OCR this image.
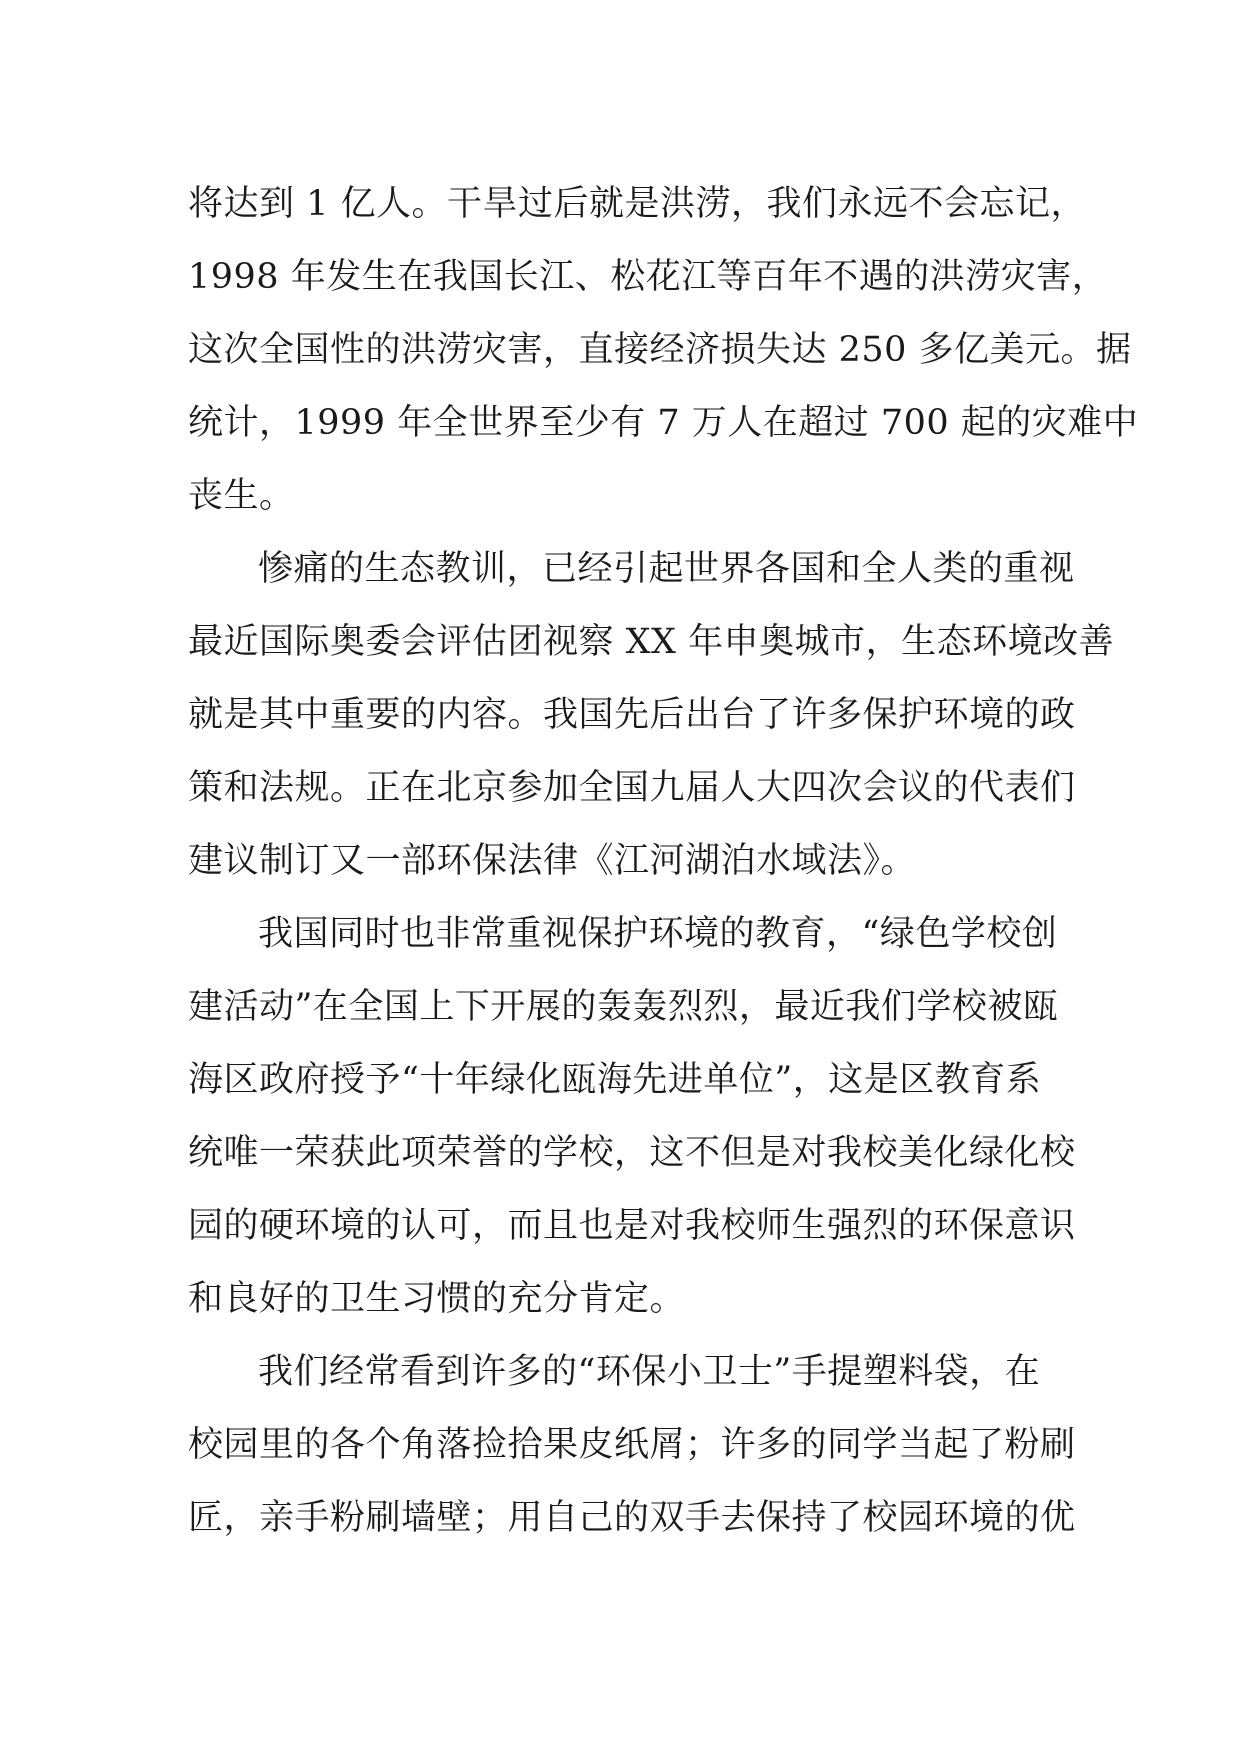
将达到 1 亿人。干旱过后就是洪涝，我们永远不会忘记，
1998 年发生在我国长江、松花江等百年不遇的洪涝灾害，
这次全国性的洪涝灾害，直接经济损失达 250 多亿美元。据
统计，1999 年全世界至少有 7 万人在超过 700 起的灾难中
丧生。
惨痛的生态教训，已经引起世界各国和全人类的重视
最近国际奥委会评估团视察 XX 年申奥城市，生态环境改善
就是其中重要的内容。我国先后出台了许多保护环境的政
策和法规。正在北京参加全国九届人大四次会议的代表们
建议制订又一部环保法律《江河湖泊水域法》。
我国同时也非常重视保护环境的教育，“绿色学校创
建活动”在全国上下开展的轰轰烈烈，最近我们学校被瓯
海区政府授予“十年绿化瓯海先进单位”，这是区教育系
统唯一荣获此项荣誉的学校，这不但是对我校美化绿化校
园的硬环境的认可，而且也是对我校师生强烈的环保意识
和良好的卫生习惯的充分肯定。
我们经常看到许多的“环保小卫士”手提塑料袋，在
校园里的各个角落捡拾果皮纸屑；许多的同学当起了粉刷
匠，亲手粉刷墙壁；用自己的双手去保持了校园环境的优
